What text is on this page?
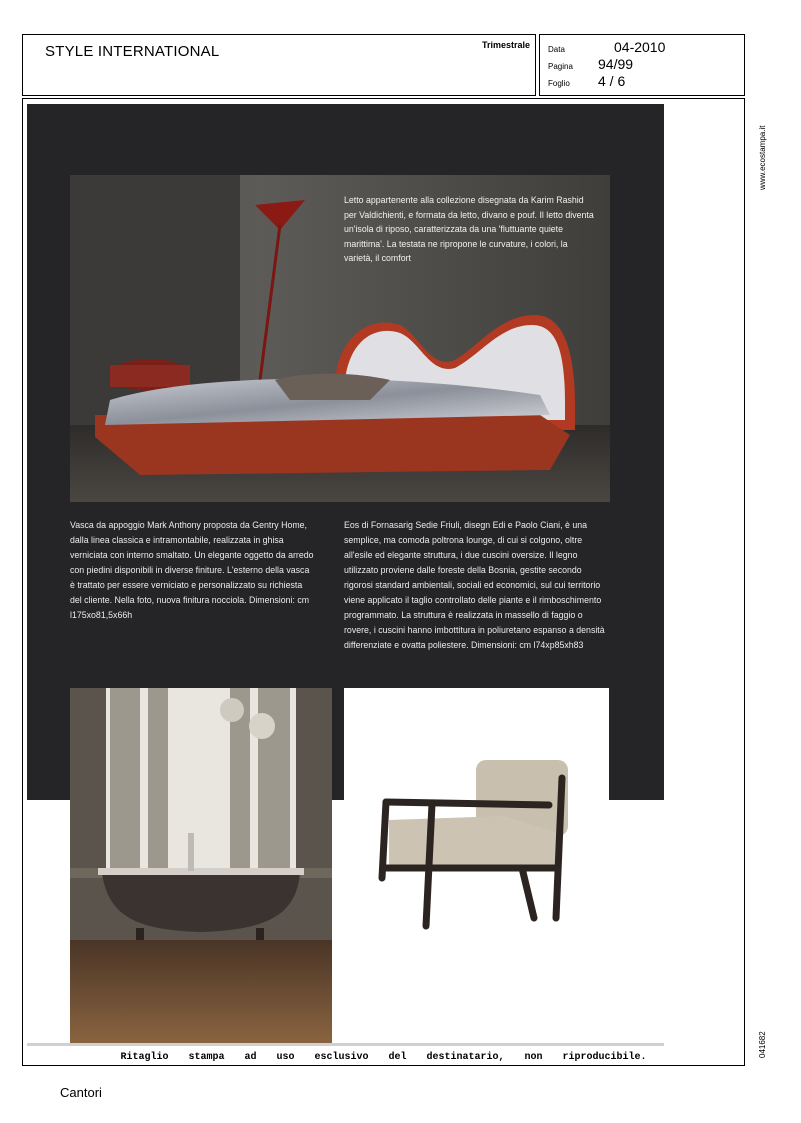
STYLE INTERNATIONAL	Trimestrale Data	04-2010
Pagina	94/99
Foglio	4 / 6

Letto appartenente alla collezione disegnata da Karim Rashid per Valdichienti, e formata da letto, divano e pouf. Il letto diventa un'isola di riposo, caratterizzata da una 'fluttuante quiete marittima'. La testata ne ripropone le curvature, i colori, la varietà, il comfort

Vasca da appoggio Mark Anthony proposta da Gentry Home, dalla linea classica e intramontabile, realizzata in ghisa verniciata con interno smaltato. Un elegante oggetto da arredo con piedini disponibili in diverse finiture. L'esterno della vasca è trattato per essere verniciato e personalizzato su richiesta del cliente. Nella foto, nuova finitura nocciola. Dimensioni: cm l175xo81,5x66h

Eos di Fornasarig Sedie Friuli, disegn Edi e Paolo Ciani, è una semplice, ma comoda poltrona lounge, di cui si colgono, oltre all'esile ed elegante struttura, i due cuscini oversize. Il legno utilizzato proviene dalle foreste della Bosnia, gestite secondo rigorosi standard ambientali, sociali ed economici, sul cui territorio viene applicato il taglio controllato delle piante e il rimboschimento programmato. La struttura è realizzata in massello di faggio o rovere, i cuscini hanno imbottitura in poliuretano espanso a densità differenziate e ovatta poliestere. Dimensioni: cm l74xp85xh83

Ritaglio stampa ad uso esclusivo del destinatario, non riproducibile.

www.ecostampa.it
041682

Cantori
